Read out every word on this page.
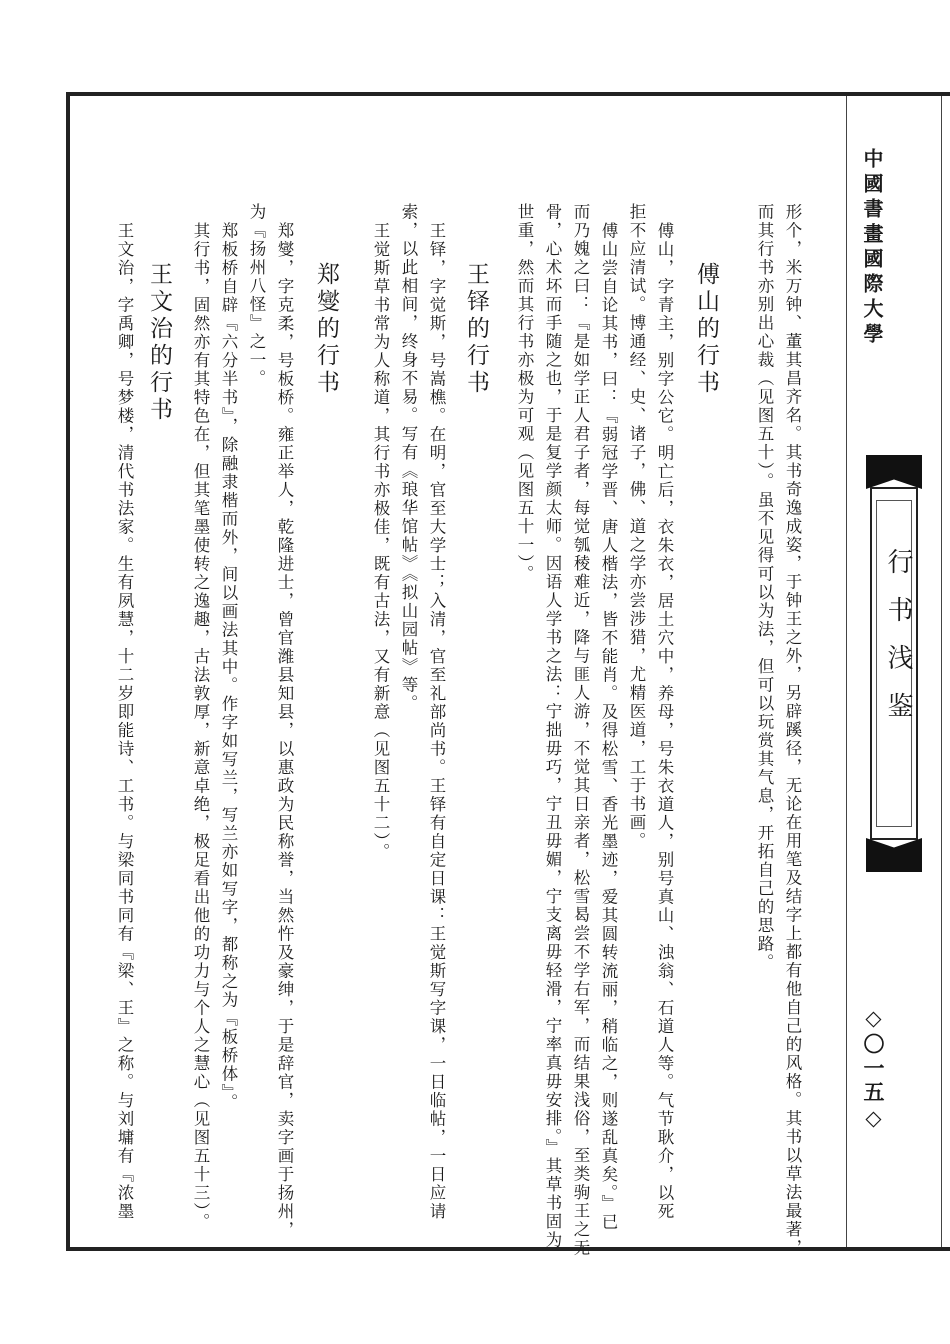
中國書畫國際大學
行书浅鉴
◇〇一五◇
形个，米万钟、董其昌齐名。其书奇逸成姿，于钟王之外，另辟蹊径，无论在用笔及结字上都有他自己的风格。其书以草法最著，
而其行书亦别出心裁（见图五十）。虽不见得可以为法，但可以玩赏其气息，开拓自己的思路。
傅山的行书
傅山，字青主，别字公它。明亡后，衣朱衣，居土穴中，养母，号朱衣道人，别号真山、浊翁、石道人等。气节耿介，以死
拒不应清试。博通经、史、诸子，佛、道之学亦尝涉猎，尤精医道，工于书画。
傅山尝自论其书，曰：『弱冠学晋、唐人楷法，皆不能肖。及得松雪、香光墨迹，爱其圆转流丽，稍临之，则遂乱真矣。』已
而乃媿之曰：『是如学正人君子者，每觉瓠稜难近，降与匪人游，不觉其日亲者，松雪曷尝不学右军，而结果浅俗，至类驹王之无
骨，心术坏而手随之也，于是复学颜太师。因语人学书之法：宁拙毋巧，宁丑毋媚，宁支离毋轻滑，宁率真毋安排。』其草书固为
世重，然而其行书亦极为可观（见图五十一）。
王铎的行书
王铎，字觉斯，号嵩樵。在明，官至大学士；入清，官至礼部尚书。王铎有自定日课：王觉斯写字课，一日临帖，一日应请
索，以此相间，终身不易。写有《琅华馆帖》《拟山园帖》等。
王觉斯草书常为人称道，其行书亦极佳，既有古法，又有新意（见图五十二）。
郑燮的行书
郑燮，字克柔，号板桥。雍正举人，乾隆进士，曾官潍县知县，以惠政为民称誉，当然忤及豪绅，于是辞官，卖字画于扬州，
为『扬州八怪』之一。
郑板桥自辟『六分半书』，除融隶楷而外，间以画法其中。作字如写兰，写兰亦如写字，都称之为『板桥体』。
其行书，固然亦有其特色在，但其笔墨使转之逸趣，古法敦厚，新意卓绝，极足看出他的功力与个人之慧心（见图五十三）。
王文治的行书
王文治，字禹卿，号梦楼，清代书法家。生有夙慧，十二岁即能诗、工书。与梁同书同有『梁、王』之称。与刘墉有『浓墨
